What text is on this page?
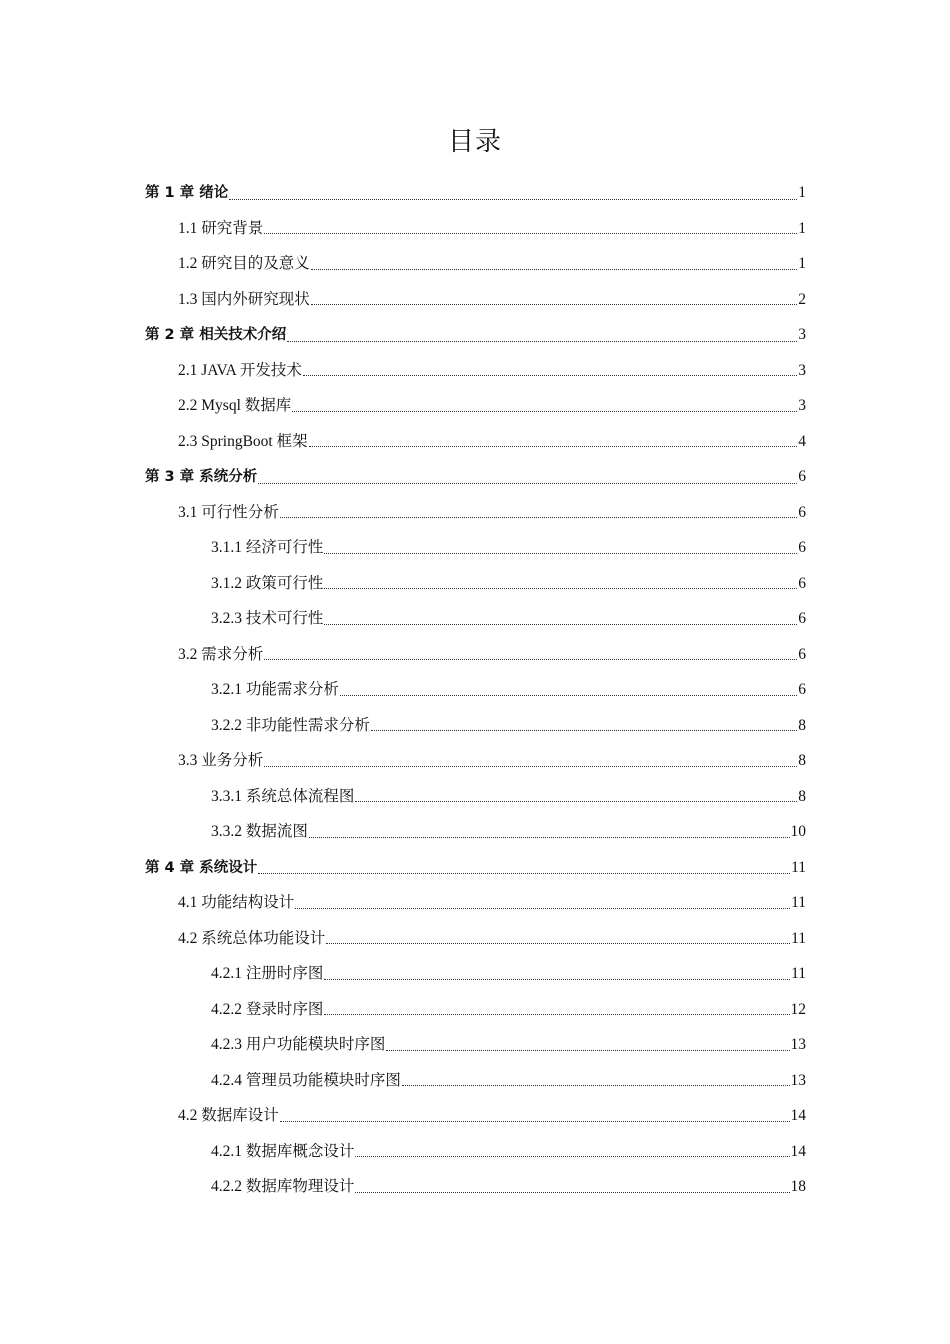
目录
第 1 章 绪论	1
1.1 研究背景	1
1.2 研究目的及意义	1
1.3 国内外研究现状	2
第 2 章 相关技术介绍	3
2.1 JAVA 开发技术	3
2.2 Mysql 数据库	3
2.3 SpringBoot 框架	4
第 3 章 系统分析	6
3.1 可行性分析	6
3.1.1 经济可行性	6
3.1.2 政策可行性	6
3.2.3 技术可行性	6
3.2 需求分析	6
3.2.1 功能需求分析	6
3.2.2 非功能性需求分析	8
3.3 业务分析	8
3.3.1 系统总体流程图	8
3.3.2 数据流图	10
第 4 章 系统设计	11
4.1 功能结构设计	11
4.2 系统总体功能设计	11
4.2.1 注册时序图	11
4.2.2 登录时序图	12
4.2.3 用户功能模块时序图	13
4.2.4 管理员功能模块时序图	13
4.2 数据库设计	14
4.2.1 数据库概念设计	14
4.2.2 数据库物理设计	18
